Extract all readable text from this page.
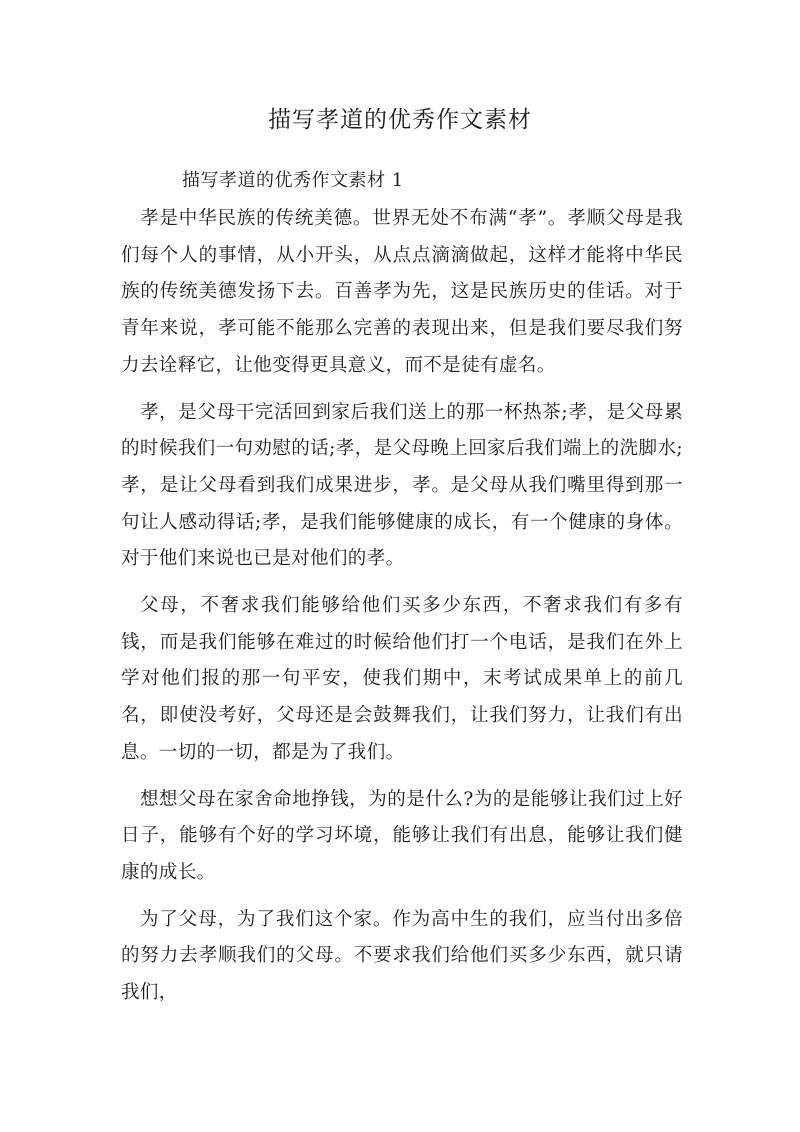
描写孝道的优秀作文素材
描写孝道的优秀作文素材 1

孝是中华民族的传统美德。世界无处不布满“孝”。孝顺父母是我们每个人的事情，从小开头，从点点滴滴做起，这样才能将中华民族的传统美德发扬下去。百善孝为先，这是民族历史的佳话。对于青年来说，孝可能不能那么完善的表现出来，但是我们要尽我们努力去诠释它，让他变得更具意义，而不是徒有虚名。

孝，是父母干完活回到家后我们送上的那一杯热茶;孝，是父母累的时候我们一句劝慰的话;孝，是父母晚上回家后我们端上的洗脚水;孝，是让父母看到我们成果进步，孝。是父母从我们嘴里得到那一句让人感动得话;孝，是我们能够健康的成长，有一个健康的身体。对于他们来说也已是对他们的孝。

父母，不奢求我们能够给他们买多少东西，不奢求我们有多有钱，而是我们能够在难过的时候给他们打一个电话，是我们在外上学对他们报的那一句平安，使我们期中，末考试成果单上的前几名，即使没考好，父母还是会鼓舞我们，让我们努力，让我们有出息。一切的一切，都是为了我们。

想想父母在家舍命地挣钱，为的是什么?为的是能够让我们过上好日子，能够有个好的学习坏境，能够让我们有出息，能够让我们健康的成长。

为了父母，为了我们这个家。作为高中生的我们，应当付出多倍的努力去孝顺我们的父母。不要求我们给他们买多少东西，就只请我们，
